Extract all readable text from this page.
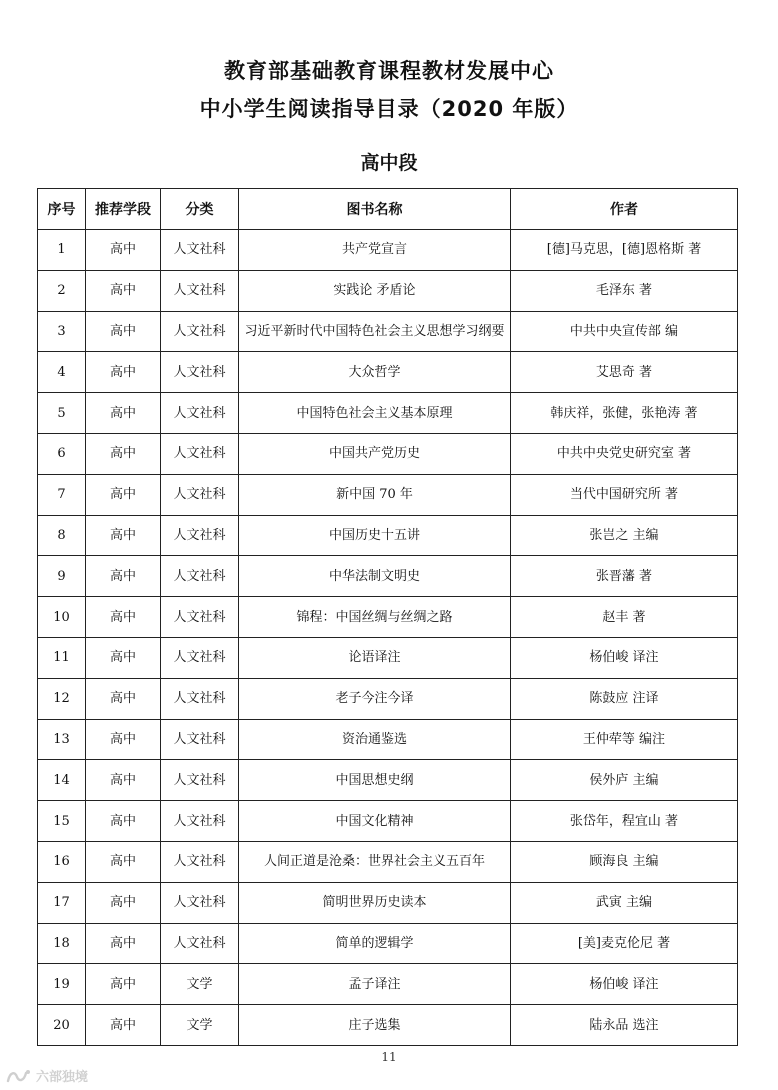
教育部基础教育课程教材发展中心
中小学生阅读指导目录（2020 年版）
高中段
序号	推荐学段	分类	图书名称	作者
1	高中	人文社科	共产党宣言	[德]马克思，[德]恩格斯 著
2	高中	人文社科	实践论 矛盾论	毛泽东 著
3	高中	人文社科	习近平新时代中国特色社会主义思想学习纲要	中共中央宣传部 编
4	高中	人文社科	大众哲学	艾思奇 著
5	高中	人文社科	中国特色社会主义基本原理	韩庆祥，张健，张艳涛 著
6	高中	人文社科	中国共产党历史	中共中央党史研究室 著
7	高中	人文社科	新中国 70 年	当代中国研究所 著
8	高中	人文社科	中国历史十五讲	张岂之 主编
9	高中	人文社科	中华法制文明史	张晋藩 著
10	高中	人文社科	锦程：中国丝绸与丝绸之路	赵丰 著
11	高中	人文社科	论语译注	杨伯峻 译注
12	高中	人文社科	老子今注今译	陈鼓应 注译
13	高中	人文社科	资治通鉴选	王仲荦等 编注
14	高中	人文社科	中国思想史纲	侯外庐 主编
15	高中	人文社科	中国文化精神	张岱年，程宜山 著
16	高中	人文社科	人间正道是沧桑：世界社会主义五百年	顾海良 主编
17	高中	人文社科	简明世界历史读本	武寅 主编
18	高中	人文社科	简单的逻辑学	[美]麦克伦尼 著
19	高中	文学	孟子译注	杨伯峻 译注
20	高中	文学	庄子选集	陆永品 选注
11
六部独境
